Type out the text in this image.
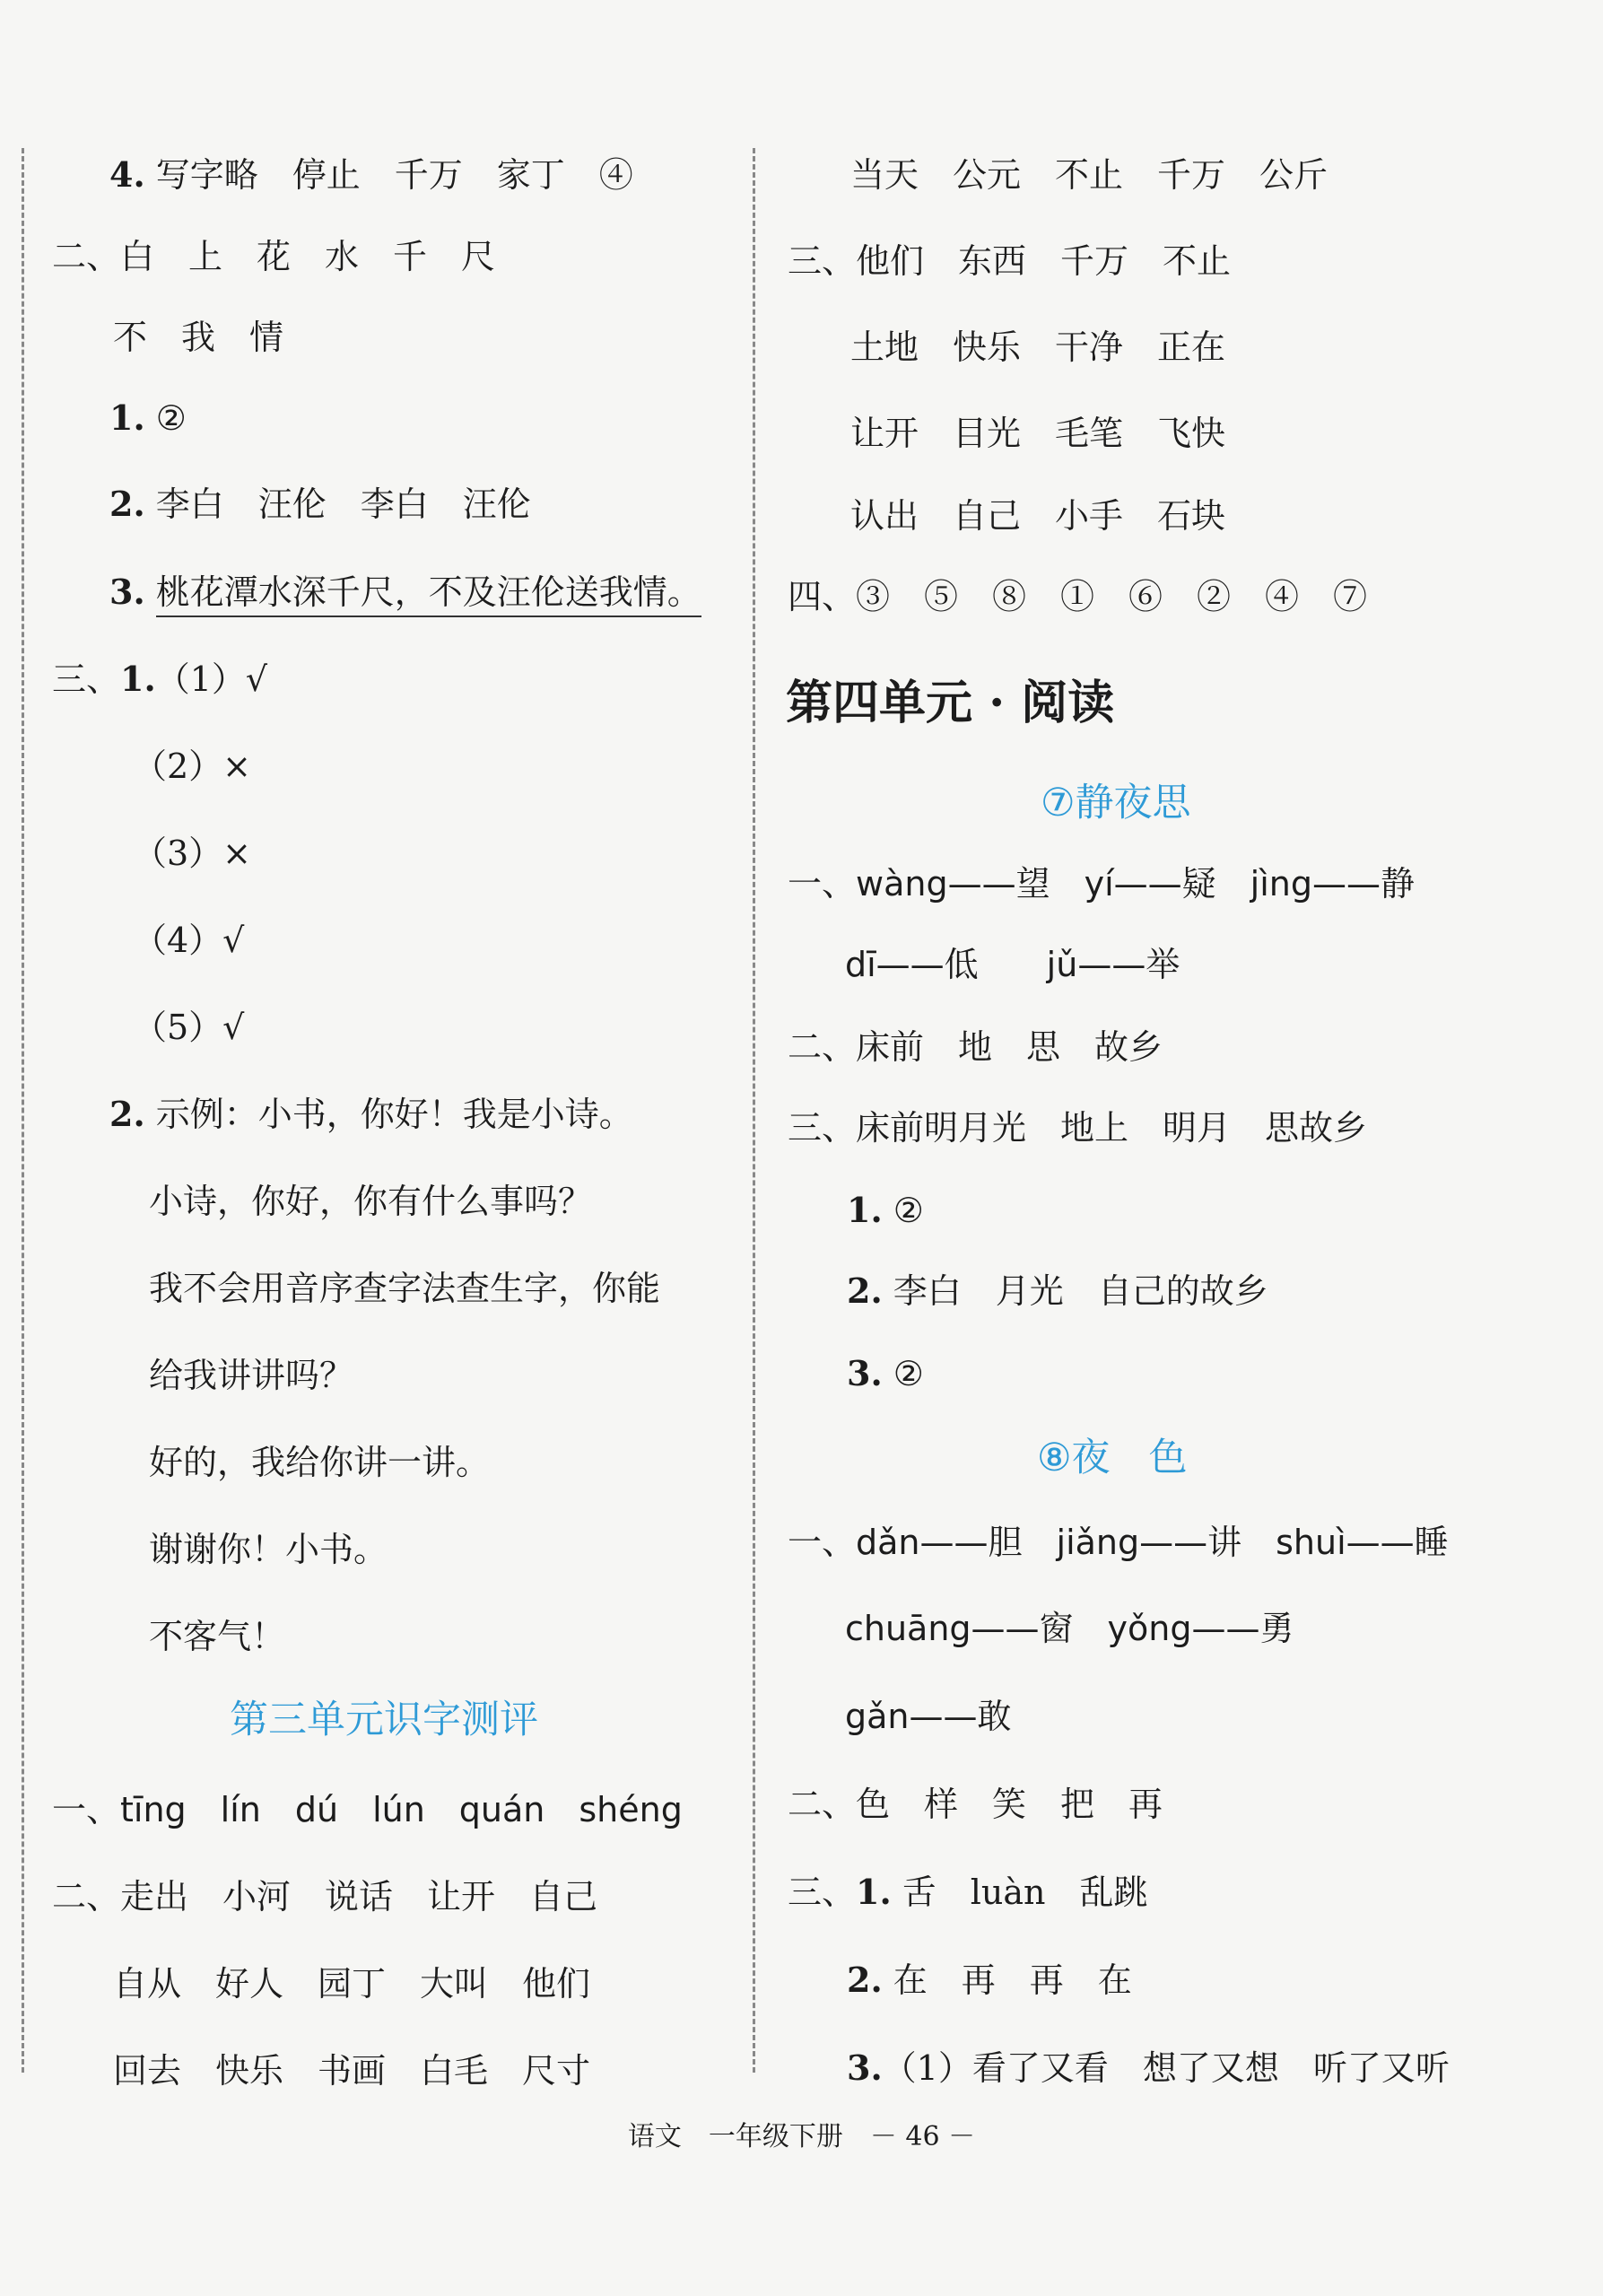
4. 写字略　停止　千万　家丁　④
二、白　上　花　水　千　尺
不　我　情
1. ②
2. 李白　汪伦　李白　汪伦
3. 桃花潭水深千尺，不及汪伦送我情。
三、1.（1）√
（2）×
（3）×
（4）√
（5）√
2. 示例：小书，你好！我是小诗。
小诗，你好，你有什么事吗？
我不会用音序查字法查生字，你能
给我讲讲吗？
好的，我给你讲一讲。
谢谢你！小书。
不客气！
第三单元识字测评
一、tīng　lín　dú　lún　quán　shéng
二、走出　小河　说话　让开　自己
自从　好人　园丁　大叫　他们
回去　快乐　书画　白毛　尺寸
当天　公元　不止　千万　公斤
三、他们　东西　千万　不止
土地　快乐　干净　正在
让开　目光　毛笔　飞快
认出　自己　小手　石块
四、③　⑤　⑧　①　⑥　②　④　⑦
第四单元 · 阅读
⑦静夜思
一、wàng——望　yí——疑　jìng——静
dī——低　　jǔ——举
二、床前　地　思　故乡
三、床前明月光　地上　明月　思故乡
1. ②
2. 李白　月光　自己的故乡
3. ②
⑧夜　色
一、dǎn——胆　jiǎng——讲　shuì——睡
chuāng——窗　yǒng——勇
gǎn——敢
二、色　样　笑　把　再
三、1. 舌　luàn　乱跳
2. 在　再　再　在
3.（1）看了又看　想了又想　听了又听
语文　一年级下册　－ 46 －
